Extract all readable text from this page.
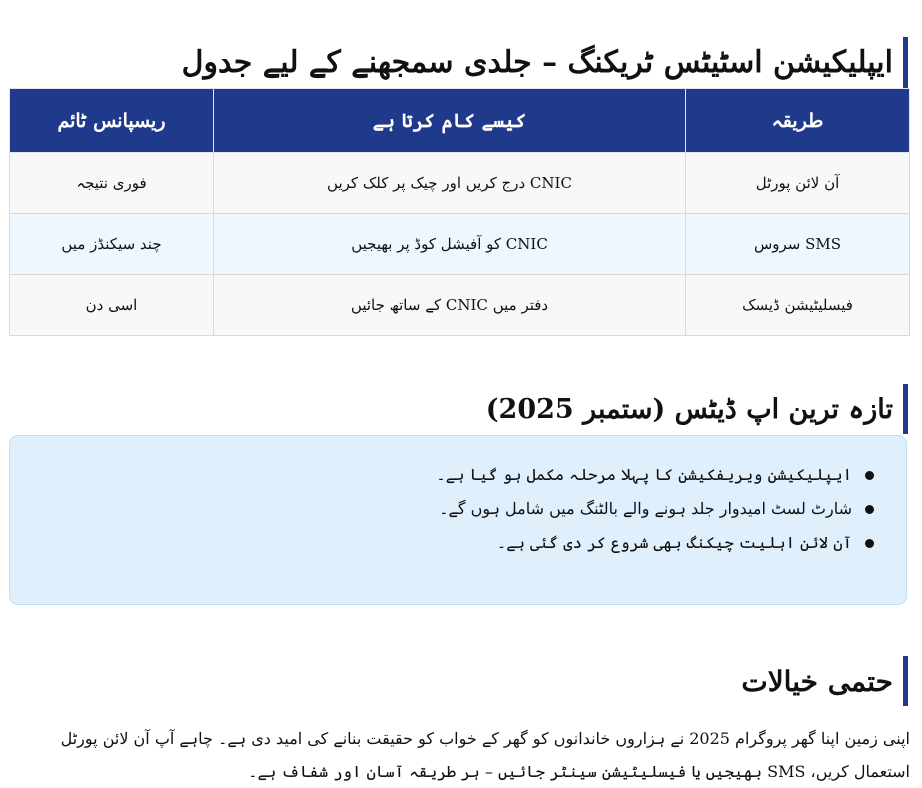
ایپلیکیشن اسٹیٹس ٹریکنگ – جلدی سمجھنے کے لیے جدول
طریقہ	کیسے کام کرتا ہے	ریسپانس ٹائم
آن لائن پورٹل	CNIC درج کریں اور چیک پر کلک کریں	فوری نتیجہ
SMS سروس	CNIC کو آفیشل کوڈ پر بھیجیں	چند سیکنڈز میں
فیسلیٹیشن ڈیسک	دفتر میں CNIC کے ساتھ جائیں	اسی دن
تازہ ترین اپ ڈیٹس (ستمبر 2025)
ایپلیکیشن ویریفکیشن کا پہلا مرحلہ مکمل ہو گیا ہے۔
شارٹ لسٹ امیدوار جلد ہونے والے بالٹنگ میں شامل ہوں گے۔
آن لائن اہلیت چیکنگ بھی شروع کر دی گئی ہے۔
حتمی خیالات

اپنی زمین اپنا گھر پروگرام 2025 نے ہزاروں خاندانوں کو گھر کے خواب کو حقیقت بنانے کی امید دی ہے۔ چاہے آپ آن لائن پورٹل استعمال کریں، SMS بھیجیں یا فیسلیٹیشن سینٹر جائیں – ہر طریقہ آسان اور شفاف ہے۔
